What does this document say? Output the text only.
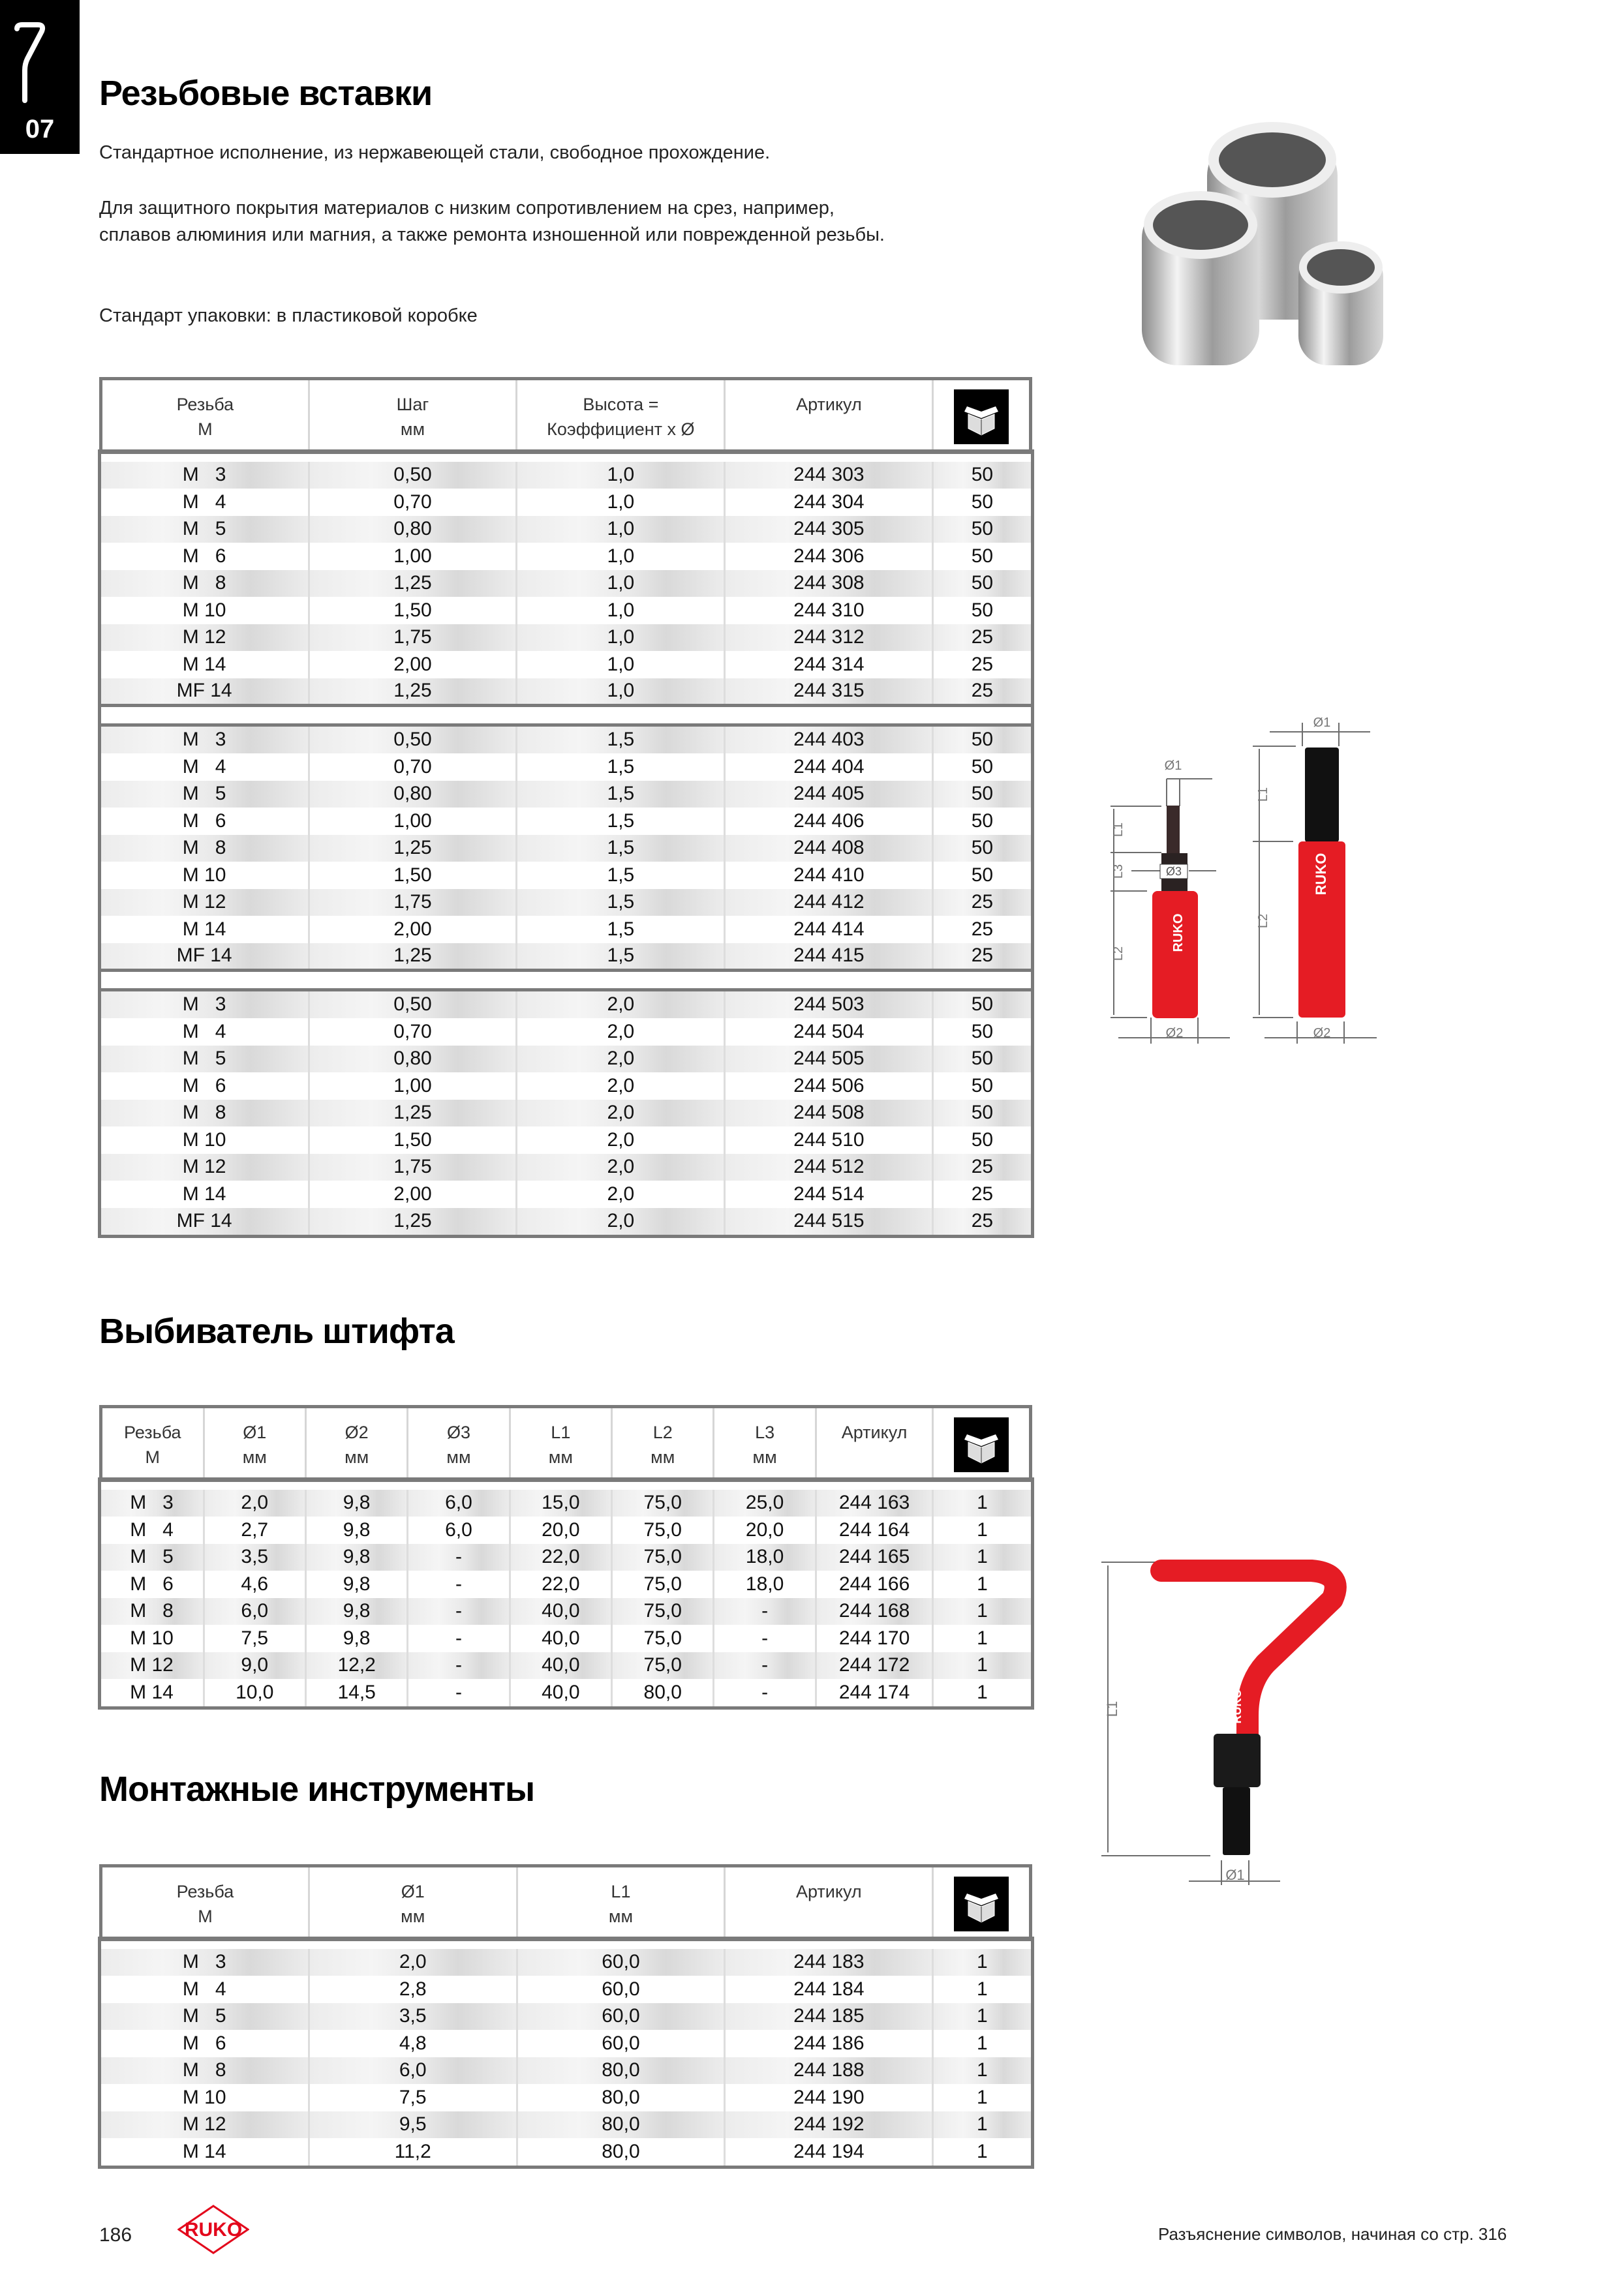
07
Резьбовые вставки
Стандартное исполнение, из нержавеющей стали, свободное прохождение.
Для защитного покрытия материалов с низким сопротивлением на срез, например,
сплавов алюминия или магния, а также ремонта изношенной или поврежденной резьбы.
Стандарт упаковки: в пластиковой коробке
Резьба
M

Шаг
мм

Высота =
Коэффициент x Ø

Артикул

M   3	0,50	1,0	244 303	50
M   4	0,70	1,0	244 304	50
M   5	0,80	1,0	244 305	50
M   6	1,00	1,0	244 306	50
M   8	1,25	1,0	244 308	50
M 10	1,50	1,0	244 310	50
M 12	1,75	1,0	244 312	25
M 14	2,00	1,0	244 314	25
MF 14	1,25	1,0	244 315	25

M   3	0,50	1,5	244 403	50
M   4	0,70	1,5	244 404	50
M   5	0,80	1,5	244 405	50
M   6	1,00	1,5	244 406	50
M   8	1,25	1,5	244 408	50
M 10	1,50	1,5	244 410	50
M 12	1,75	1,5	244 412	25
M 14	2,00	1,5	244 414	25
MF 14	1,25	1,5	244 415	25

M   3	0,50	2,0	244 503	50
M   4	0,70	2,0	244 504	50
M   5	0,80	2,0	244 505	50
M   6	1,00	2,0	244 506	50
M   8	1,25	2,0	244 508	50
M 10	1,50	2,0	244 510	50
M 12	1,75	2,0	244 512	25
M 14	2,00	2,0	244 514	25
MF 14	1,25	2,0	244 515	25
Выбиватель штифта
Резьба
M

Ø1
мм

Ø2
мм

Ø3
мм

L1
мм

L2
мм

L3
мм

Артикул

M   3	2,0	9,8	6,0	15,0	75,0	25,0	244 163	1
M   4	2,7	9,8	6,0	20,0	75,0	20,0	244 164	1
M   5	3,5	9,8	-	22,0	75,0	18,0	244 165	1
M   6	4,6	9,8	-	22,0	75,0	18,0	244 166	1
M   8	6,0	9,8	-	40,0	75,0	-	244 168	1
M 10	7,5	9,8	-	40,0	75,0	-	244 170	1
M 12	9,0	12,2	-	40,0	75,0	-	244 172	1
M 14	10,0	14,5	-	40,0	80,0	-	244 174	1
Ø3
RUKO
RUKO
Ø1
Ø2
Ø1
Ø2
L1
L3
L2
L1
L2
Монтажные инструменты
Резьба
M

Ø1
мм

L1
мм

Артикул

M   3	2,0	60,0	244 183	1
M   4	2,8	60,0	244 184	1
M   5	3,5	60,0	244 185	1
M   6	4,8	60,0	244 186	1
M   8	6,0	80,0	244 188	1
M 10	7,5	80,0	244 190	1
M 12	9,5	80,0	244 192	1
M 14	11,2	80,0	244 194	1
RUKO
L1
Ø1
186	RUKO	Разъяснение символов, начиная со стр. 316
